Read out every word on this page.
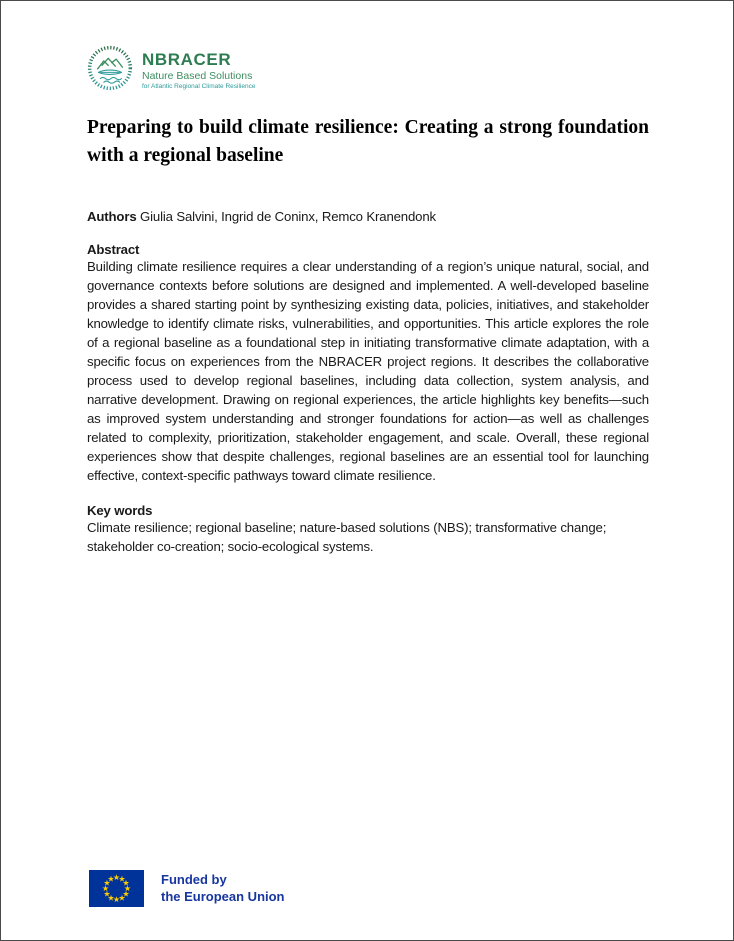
NBRACER
Nature Based Solutions
for Atlantic Regional Climate Resilience
Preparing to build climate resilience: Creating a strong foundation with a regional baseline

Authors Giulia Salvini, Ingrid de Coninx, Remco Kranendonk

Abstract

Building climate resilience requires a clear understanding of a region’s unique natural, social, and governance contexts before solutions are designed and implemented. A well-developed baseline provides a shared starting point by synthesizing existing data, policies, initiatives, and stakeholder knowledge to identify climate risks, vulnerabilities, and opportunities. This article explores the role of a regional baseline as a foundational step in initiating transformative climate adaptation, with a specific focus on experiences from the NBRACER project regions. It describes the collaborative process used to develop regional baselines, including data collection, system analysis, and narrative development. Drawing on regional experiences, the article highlights key benefits—such as improved system understanding and stronger foundations for action—as well as challenges related to complexity, prioritization, stakeholder engagement, and scale. Overall, these regional experiences show that despite challenges, regional baselines are an essential tool for launching effective, context-specific pathways toward climate resilience.

Key words

Climate resilience; regional baseline; nature-based solutions (NBS); transformative change; stakeholder co-creation; socio-ecological systems.

Funded by
the European Union
